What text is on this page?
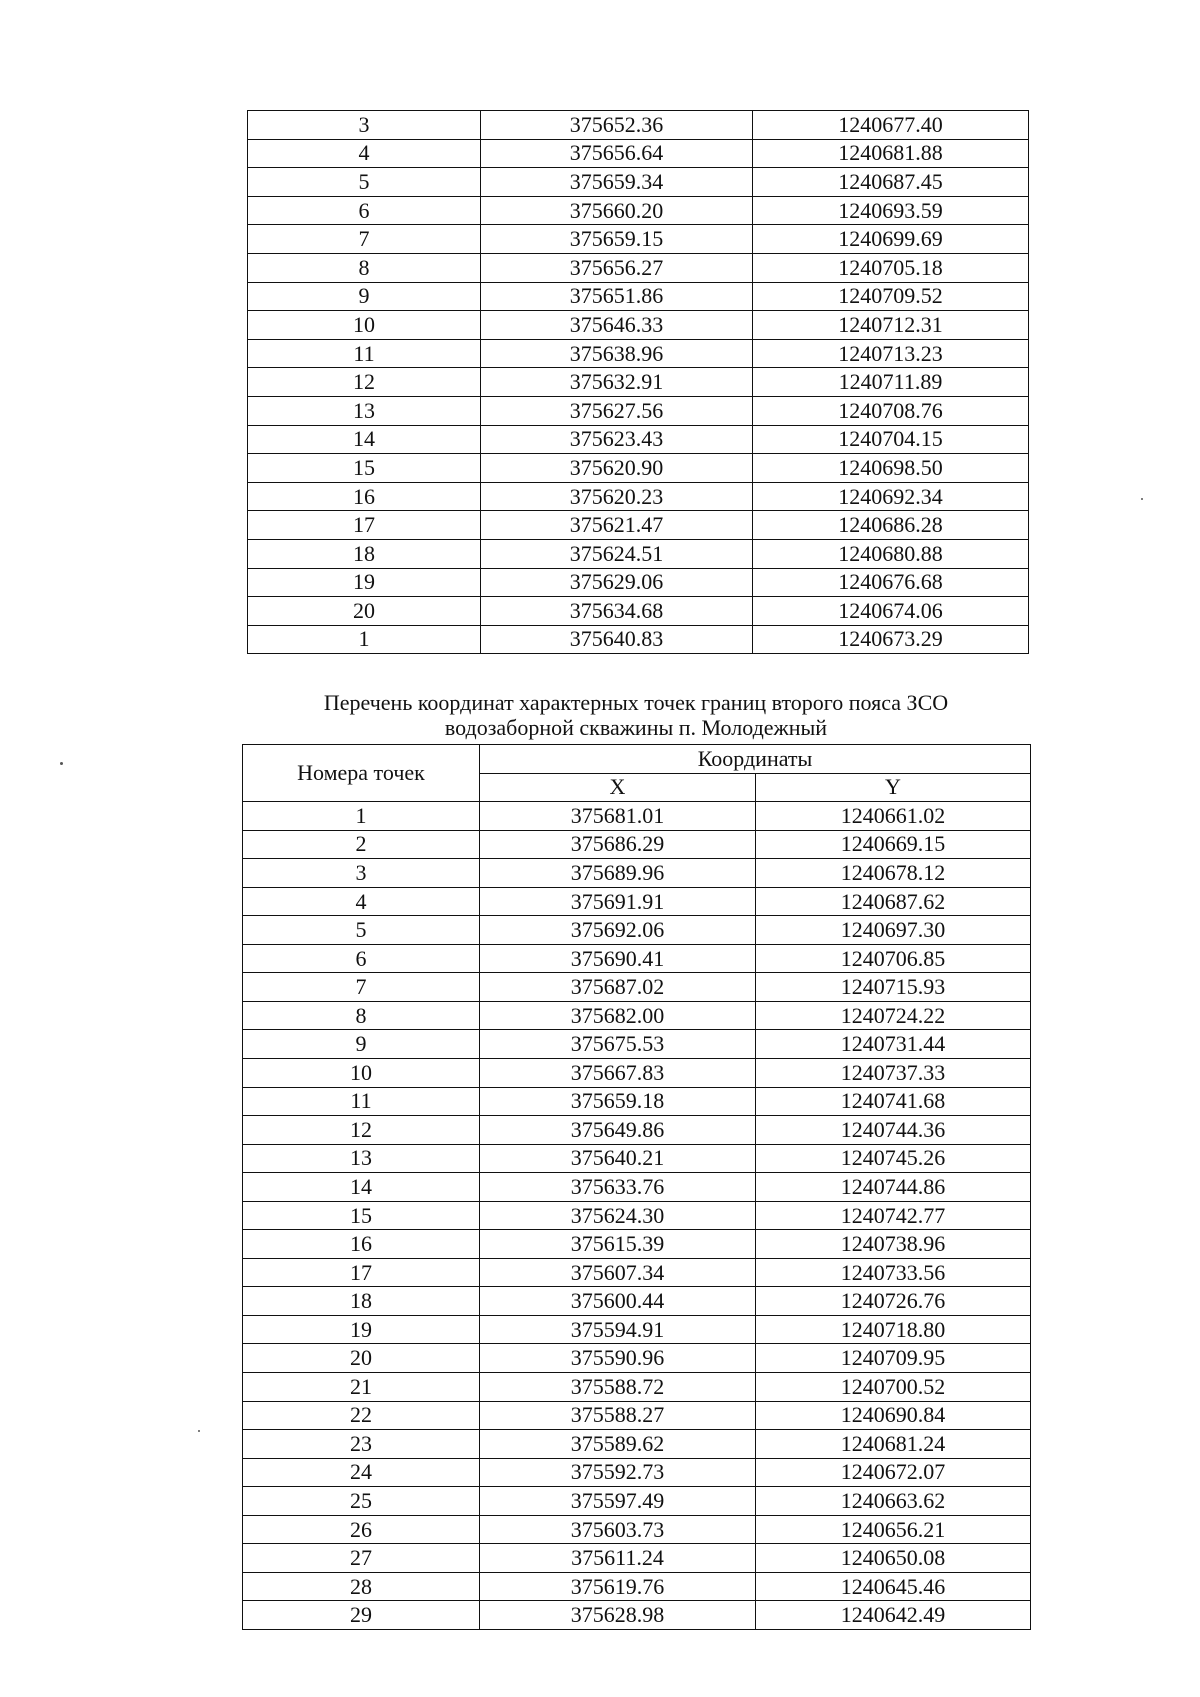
3	375652.36	1240677.40
4	375656.64	1240681.88
5	375659.34	1240687.45
6	375660.20	1240693.59
7	375659.15	1240699.69
8	375656.27	1240705.18
9	375651.86	1240709.52
10	375646.33	1240712.31
11	375638.96	1240713.23
12	375632.91	1240711.89
13	375627.56	1240708.76
14	375623.43	1240704.15
15	375620.90	1240698.50
16	375620.23	1240692.34
17	375621.47	1240686.28
18	375624.51	1240680.88
19	375629.06	1240676.68
20	375634.68	1240674.06
1	375640.83	1240673.29
Перечень координат характерных точек границ второго пояса ЗСО
водозаборной скважины п. Молодежный
Номера точек	Координаты	
	X	Y
1	375681.01	1240661.02
2	375686.29	1240669.15
3	375689.96	1240678.12
4	375691.91	1240687.62
5	375692.06	1240697.30
6	375690.41	1240706.85
7	375687.02	1240715.93
8	375682.00	1240724.22
9	375675.53	1240731.44
10	375667.83	1240737.33
11	375659.18	1240741.68
12	375649.86	1240744.36
13	375640.21	1240745.26
14	375633.76	1240744.86
15	375624.30	1240742.77
16	375615.39	1240738.96
17	375607.34	1240733.56
18	375600.44	1240726.76
19	375594.91	1240718.80
20	375590.96	1240709.95
21	375588.72	1240700.52
22	375588.27	1240690.84
23	375589.62	1240681.24
24	375592.73	1240672.07
25	375597.49	1240663.62
26	375603.73	1240656.21
27	375611.24	1240650.08
28	375619.76	1240645.46
29	375628.98	1240642.49
